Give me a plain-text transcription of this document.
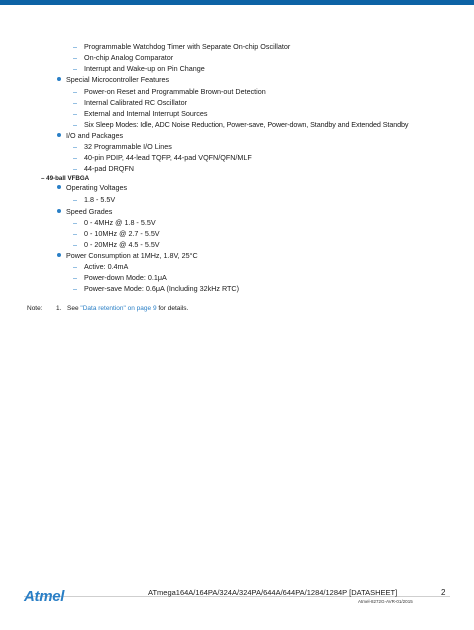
– Programmable Watchdog Timer with Separate On-chip Oscillator
– On-chip Analog Comparator
– Interrupt and Wake-up on Pin Change
Special Microcontroller Features
– Power-on Reset and Programmable Brown-out Detection
– Internal Calibrated RC Oscillator
– External and Internal Interrupt Sources
– Six Sleep Modes: Idle, ADC Noise Reduction, Power-save, Power-down, Standby and Extended Standby
I/O and Packages
– 32 Programmable I/O Lines
– 40-pin PDIP, 44-lead TQFP, 44-pad VQFN/QFN/MLF
– 44-pad DRQFN
– 49-ball VFBGA
Operating Voltages
– 1.8 - 5.5V
Speed Grades
– 0 - 4MHz @ 1.8 - 5.5V
– 0 - 10MHz @ 2.7 - 5.5V
– 0 - 20MHz @ 4.5 - 5.5V
Power Consumption at 1MHz, 1.8V, 25°C
– Active: 0.4mA
– Power-down Mode: 0.1μA
– Power-save Mode: 0.6μA (Including 32kHz RTC)
Note: 1. See "Data retention" on page 9 for details.
Atmel	ATmega164A/164PA/324A/324PA/644A/644PA/1284/1284P [DATASHEET]	2
Atmel-8272G-AVR-01/2015
